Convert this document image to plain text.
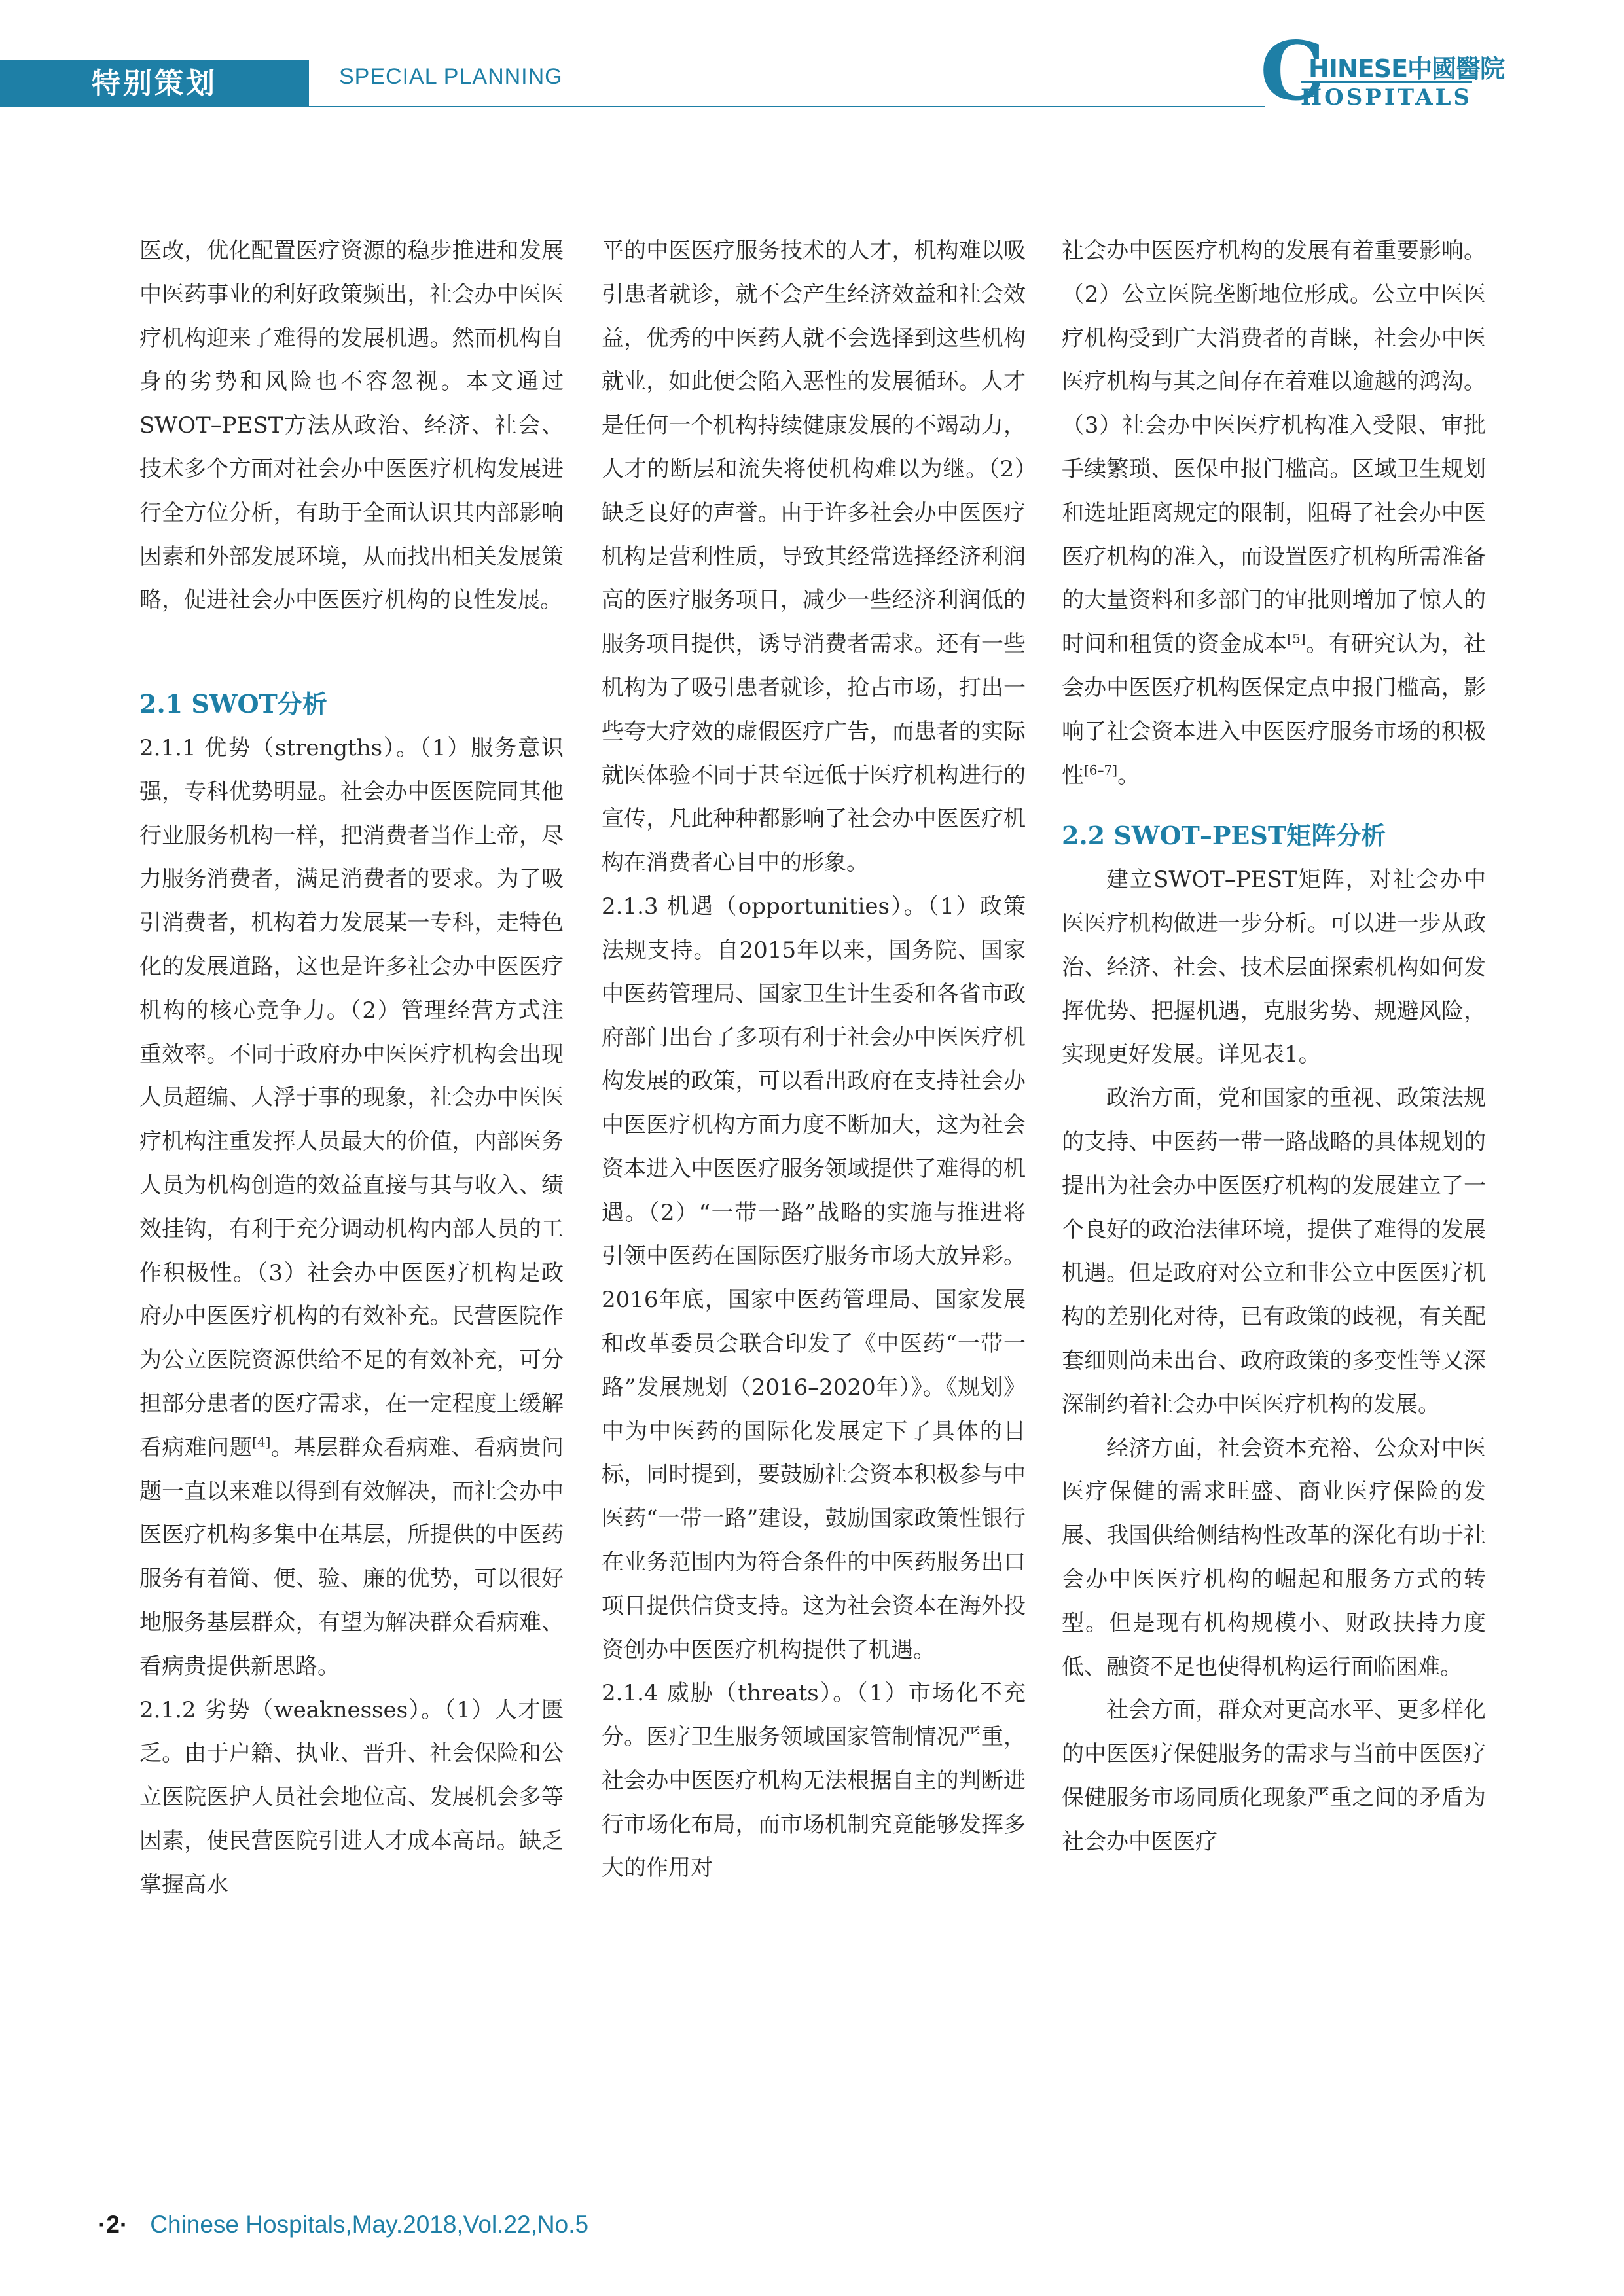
特别策划	SPECIAL PLANNING	C
HINESE中國醫院
HOSPITALS

医改，优化配置医疗资源的稳步推进和发展中医药事业的利好政策频出，社会办中医医疗机构迎来了难得的发展机遇。然而机构自身的劣势和风险也不容忽视。本文通过SWOT–PEST方法从政治、经济、社会、技术多个方面对社会办中医医疗机构发展进行全方位分析，有助于全面认识其内部影响因素和外部发展环境，从而找出相关发展策略，促进社会办中医医疗机构的良性发展。

2.1 SWOT分析

2.1.1 优势（strengths）。（1）服务意识强，专科优势明显。社会办中医医院同其他行业服务机构一样，把消费者当作上帝，尽力服务消费者，满足消费者的要求。为了吸引消费者，机构着力发展某一专科，走特色化的发展道路，这也是许多社会办中医医疗机构的核心竞争力。（2）管理经营方式注重效率。不同于政府办中医医疗机构会出现人员超编、人浮于事的现象，社会办中医医疗机构注重发挥人员最大的价值，内部医务人员为机构创造的效益直接与其与收入、绩效挂钩，有利于充分调动机构内部人员的工作积极性。（3）社会办中医医疗机构是政府办中医医疗机构的有效补充。民营医院作为公立医院资源供给不足的有效补充，可分担部分患者的医疗需求，在一定程度上缓解看病难问题[4]。基层群众看病难、看病贵问题一直以来难以得到有效解决，而社会办中医医疗机构多集中在基层，所提供的中医药服务有着简、便、验、廉的优势，可以很好地服务基层群众，有望为解决群众看病难、看病贵提供新思路。

2.1.2 劣势（weaknesses）。（1）人才匮乏。由于户籍、执业、晋升、社会保险和公立医院医护人员社会地位高、发展机会多等因素，使民营医院引进人才成本高昂。缺乏掌握高水

平的中医医疗服务技术的人才，机构难以吸引患者就诊，就不会产生经济效益和社会效益，优秀的中医药人就不会选择到这些机构就业，如此便会陷入恶性的发展循环。人才是任何一个机构持续健康发展的不竭动力，人才的断层和流失将使机构难以为继。（2）缺乏良好的声誉。由于许多社会办中医医疗机构是营利性质，导致其经常选择经济利润高的医疗服务项目，减少一些经济利润低的服务项目提供，诱导消费者需求。还有一些机构为了吸引患者就诊，抢占市场，打出一些夸大疗效的虚假医疗广告，而患者的实际就医体验不同于甚至远低于医疗机构进行的宣传，凡此种种都影响了社会办中医医疗机构在消费者心目中的形象。

2.1.3 机遇（opportunities）。（1）政策法规支持。自2015年以来，国务院、国家中医药管理局、国家卫生计生委和各省市政府部门出台了多项有利于社会办中医医疗机构发展的政策，可以看出政府在支持社会办中医医疗机构方面力度不断加大，这为社会资本进入中医医疗服务领域提供了难得的机遇。（2）“一带一路”战略的实施与推进将引领中医药在国际医疗服务市场大放异彩。2016年底，国家中医药管理局、国家发展和改革委员会联合印发了《中医药“一带一路”发展规划（2016–2020年）》。《规划》中为中医药的国际化发展定下了具体的目标，同时提到，要鼓励社会资本积极参与中医药“一带一路”建设，鼓励国家政策性银行在业务范围内为符合条件的中医药服务出口项目提供信贷支持。这为社会资本在海外投资创办中医医疗机构提供了机遇。

2.1.4 威胁（threats）。（1）市场化不充分。医疗卫生服务领域国家管制情况严重，社会办中医医疗机构无法根据自主的判断进行市场化布局，而市场机制究竟能够发挥多大的作用对

社会办中医医疗机构的发展有着重要影响。（2）公立医院垄断地位形成。公立中医医疗机构受到广大消费者的青睐，社会办中医医疗机构与其之间存在着难以逾越的鸿沟。（3）社会办中医医疗机构准入受限、审批手续繁琐、医保申报门槛高。区域卫生规划和选址距离规定的限制，阻碍了社会办中医医疗机构的准入，而设置医疗机构所需准备的大量资料和多部门的审批则增加了惊人的时间和租赁的资金成本[5]。有研究认为，社会办中医医疗机构医保定点申报门槛高，影响了社会资本进入中医医疗服务市场的积极性[6–7]。

2.2 SWOT–PEST矩阵分析

建立SWOT–PEST矩阵，对社会办中医医疗机构做进一步分析。可以进一步从政治、经济、社会、技术层面探索机构如何发挥优势、把握机遇，克服劣势、规避风险，实现更好发展。详见表1。

政治方面，党和国家的重视、政策法规的支持、中医药一带一路战略的具体规划的提出为社会办中医医疗机构的发展建立了一个良好的政治法律环境，提供了难得的发展机遇。但是政府对公立和非公立中医医疗机构的差别化对待，已有政策的歧视，有关配套细则尚未出台、政府政策的多变性等又深深制约着社会办中医医疗机构的发展。

经济方面，社会资本充裕、公众对中医医疗保健的需求旺盛、商业医疗保险的发展、我国供给侧结构性改革的深化有助于社会办中医医疗机构的崛起和服务方式的转型。但是现有机构规模小、财政扶持力度低、融资不足也使得机构运行面临困难。

社会方面，群众对更高水平、更多样化的中医医疗保健服务的需求与当前中医医疗保健服务市场同质化现象严重之间的矛盾为社会办中医医疗

·2· Chinese Hospitals,May.2018,Vol.22,No.5
